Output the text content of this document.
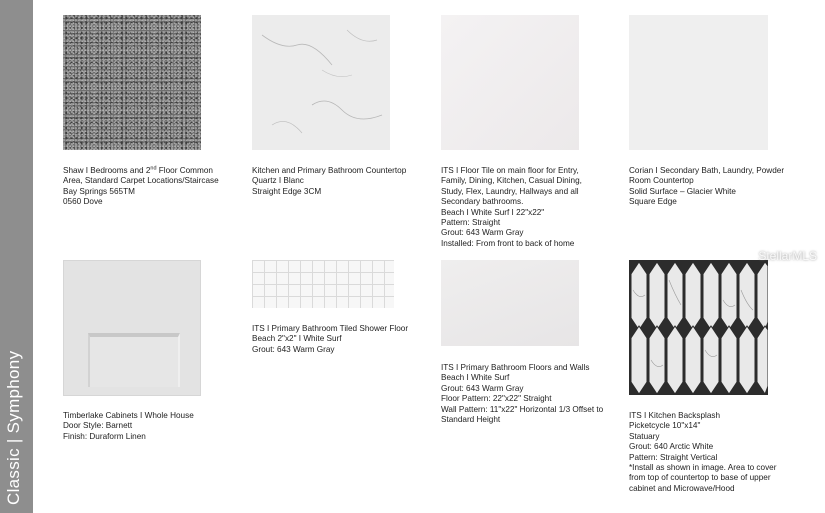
Classic | Symphony
Shaw I Bedrooms and 2nd Floor Common
Area, Standard Carpet Locations/Staircase
Bay Springs 565TM
0560 Dove
Kitchen and Primary Bathroom Countertop
Quartz I Blanc
Straight Edge 3CM
ITS I Floor Tile on main floor for Entry,
Family, Dining, Kitchen, Casual Dining,
Study, Flex, Laundry, Hallways and all
Secondary bathrooms.
Beach I White Surf I 22"x22"
Pattern: Straight
Grout: 643 Warm Gray
Installed: From front to back of home
Corian I Secondary Bath, Laundry, Powder
Room Countertop
Solid Surface – Glacier White
Square Edge
Timberlake Cabinets I Whole House
Door Style: Barnett
Finish: Duraform Linen
ITS I Primary Bathroom Tiled Shower Floor
Beach 2"x2" I White Surf
Grout: 643 Warm Gray
ITS I Primary Bathroom Floors and Walls
Beach I White Surf
Grout: 643 Warm Gray
Floor Pattern: 22"x22" Straight
Wall Pattern: 11"x22" Horizontal 1/3 Offset to
Standard Height	ITS I Kitchen Backsplash
Picketcycle 10"x14"
Statuary
Grout: 640 Arctic White
Pattern: Straight Vertical
*Install as shown in image. Area to cover
from top of countertop to base of upper
cabinet and Microwave/Hood
StellarMLS
